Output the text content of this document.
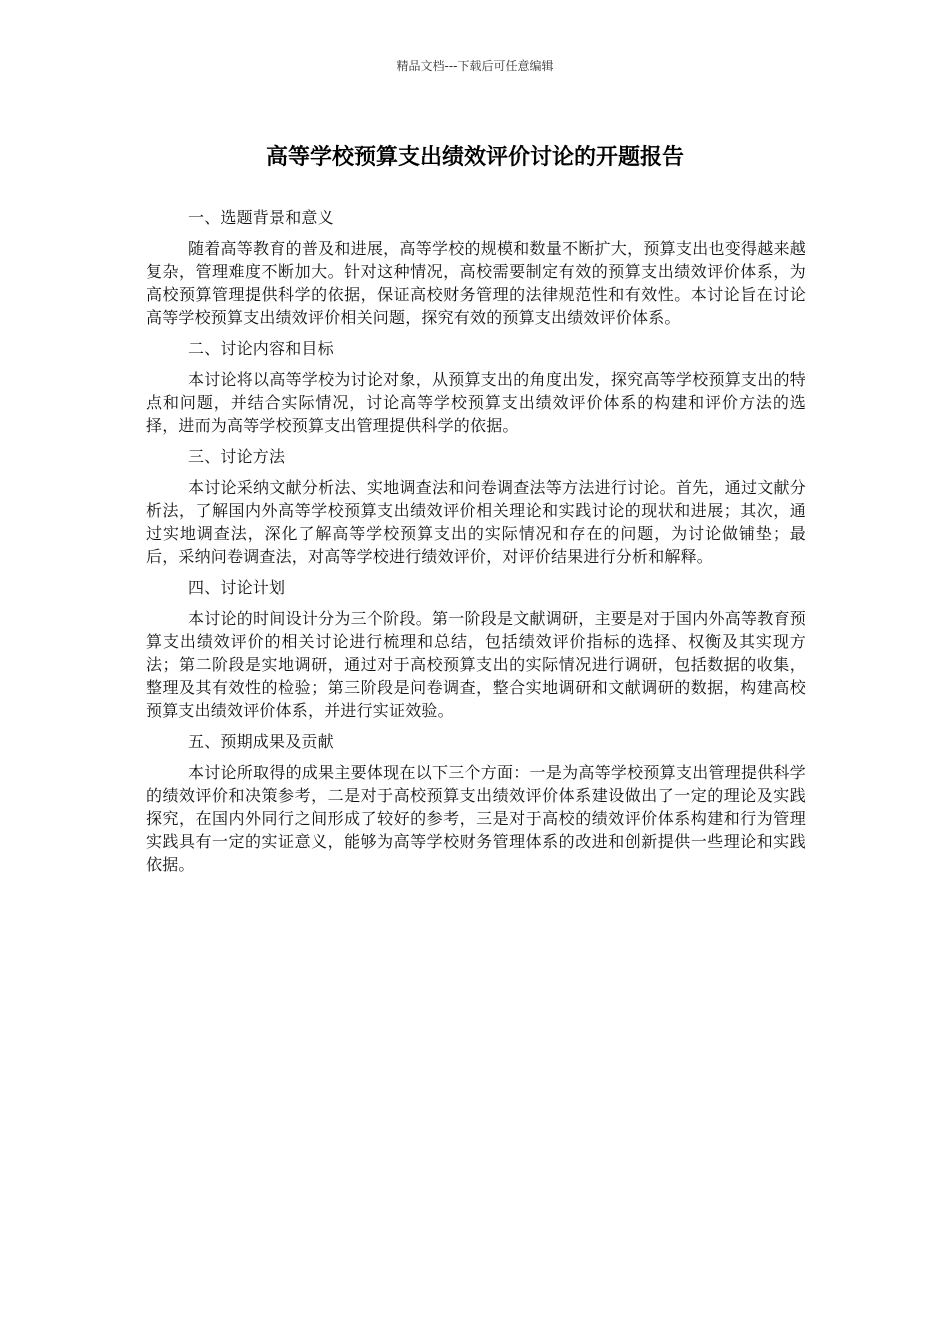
精品文档---下载后可任意编辑
高等学校预算支出绩效评价讨论的开题报告

一、选题背景和意义

随着高等教育的普及和进展，高等学校的规模和数量不断扩大，预算支出也变得越来越复杂，管理难度不断加大。针对这种情况，高校需要制定有效的预算支出绩效评价体系，为高校预算管理提供科学的依据，保证高校财务管理的法律规范性和有效性。本讨论旨在讨论高等学校预算支出绩效评价相关问题，探究有效的预算支出绩效评价体系。

二、讨论内容和目标

本讨论将以高等学校为讨论对象，从预算支出的角度出发，探究高等学校预算支出的特点和问题，并结合实际情况，讨论高等学校预算支出绩效评价体系的构建和评价方法的选择，进而为高等学校预算支出管理提供科学的依据。

三、讨论方法

本讨论采纳文献分析法、实地调查法和问卷调查法等方法进行讨论。首先，通过文献分析法，了解国内外高等学校预算支出绩效评价相关理论和实践讨论的现状和进展；其次，通过实地调查法，深化了解高等学校预算支出的实际情况和存在的问题，为讨论做铺垫；最后，采纳问卷调查法，对高等学校进行绩效评价，对评价结果进行分析和解释。

四、讨论计划

本讨论的时间设计分为三个阶段。第一阶段是文献调研，主要是对于国内外高等教育预算支出绩效评价的相关讨论进行梳理和总结，包括绩效评价指标的选择、权衡及其实现方法；第二阶段是实地调研，通过对于高校预算支出的实际情况进行调研，包括数据的收集，整理及其有效性的检验；第三阶段是问卷调查，整合实地调研和文献调研的数据，构建高校预算支出绩效评价体系，并进行实证效验。

五、预期成果及贡献

本讨论所取得的成果主要体现在以下三个方面：一是为高等学校预算支出管理提供科学的绩效评价和决策参考，二是对于高校预算支出绩效评价体系建设做出了一定的理论及实践探究，在国内外同行之间形成了较好的参考，三是对于高校的绩效评价体系构建和行为管理实践具有一定的实证意义，能够为高等学校财务管理体系的改进和创新提供一些理论和实践依据。
